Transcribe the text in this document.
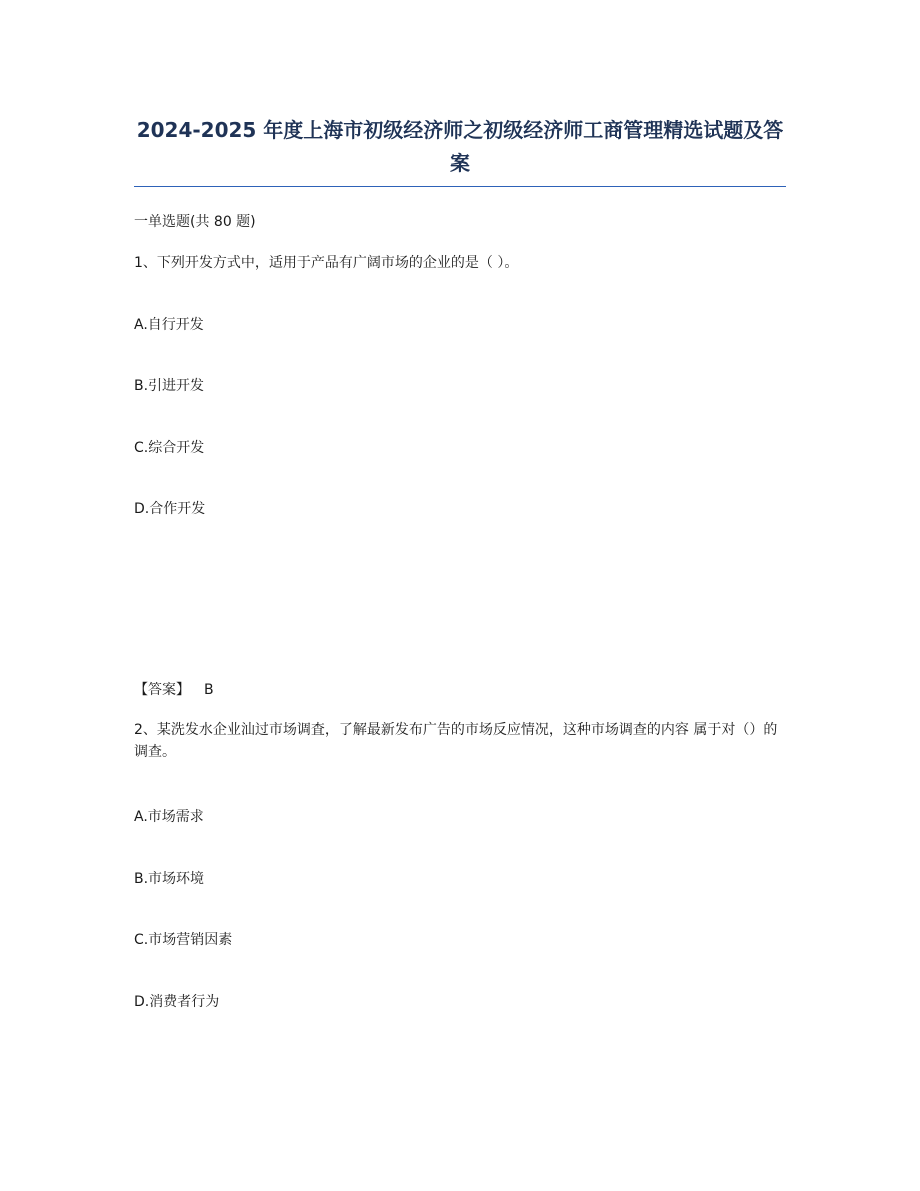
2024-2025 年度上海市初级经济师之初级经济师工商管理精选试题及答案

一单选题(共 80 题)

1、下列开发方式中，适用于产品有广阔市场的企业的是（ ）。

A.自行开发

B.引进开发

C.综合开发

D.合作开发

【答案】 B

2、某洗发水企业汕过市场调査，了解最新发布广告的市场反应情况，这种市场调查的内容 属于对（）的调查。

A.市场需求

B.市场环境

C.市场营销因素

D.消费者行为
